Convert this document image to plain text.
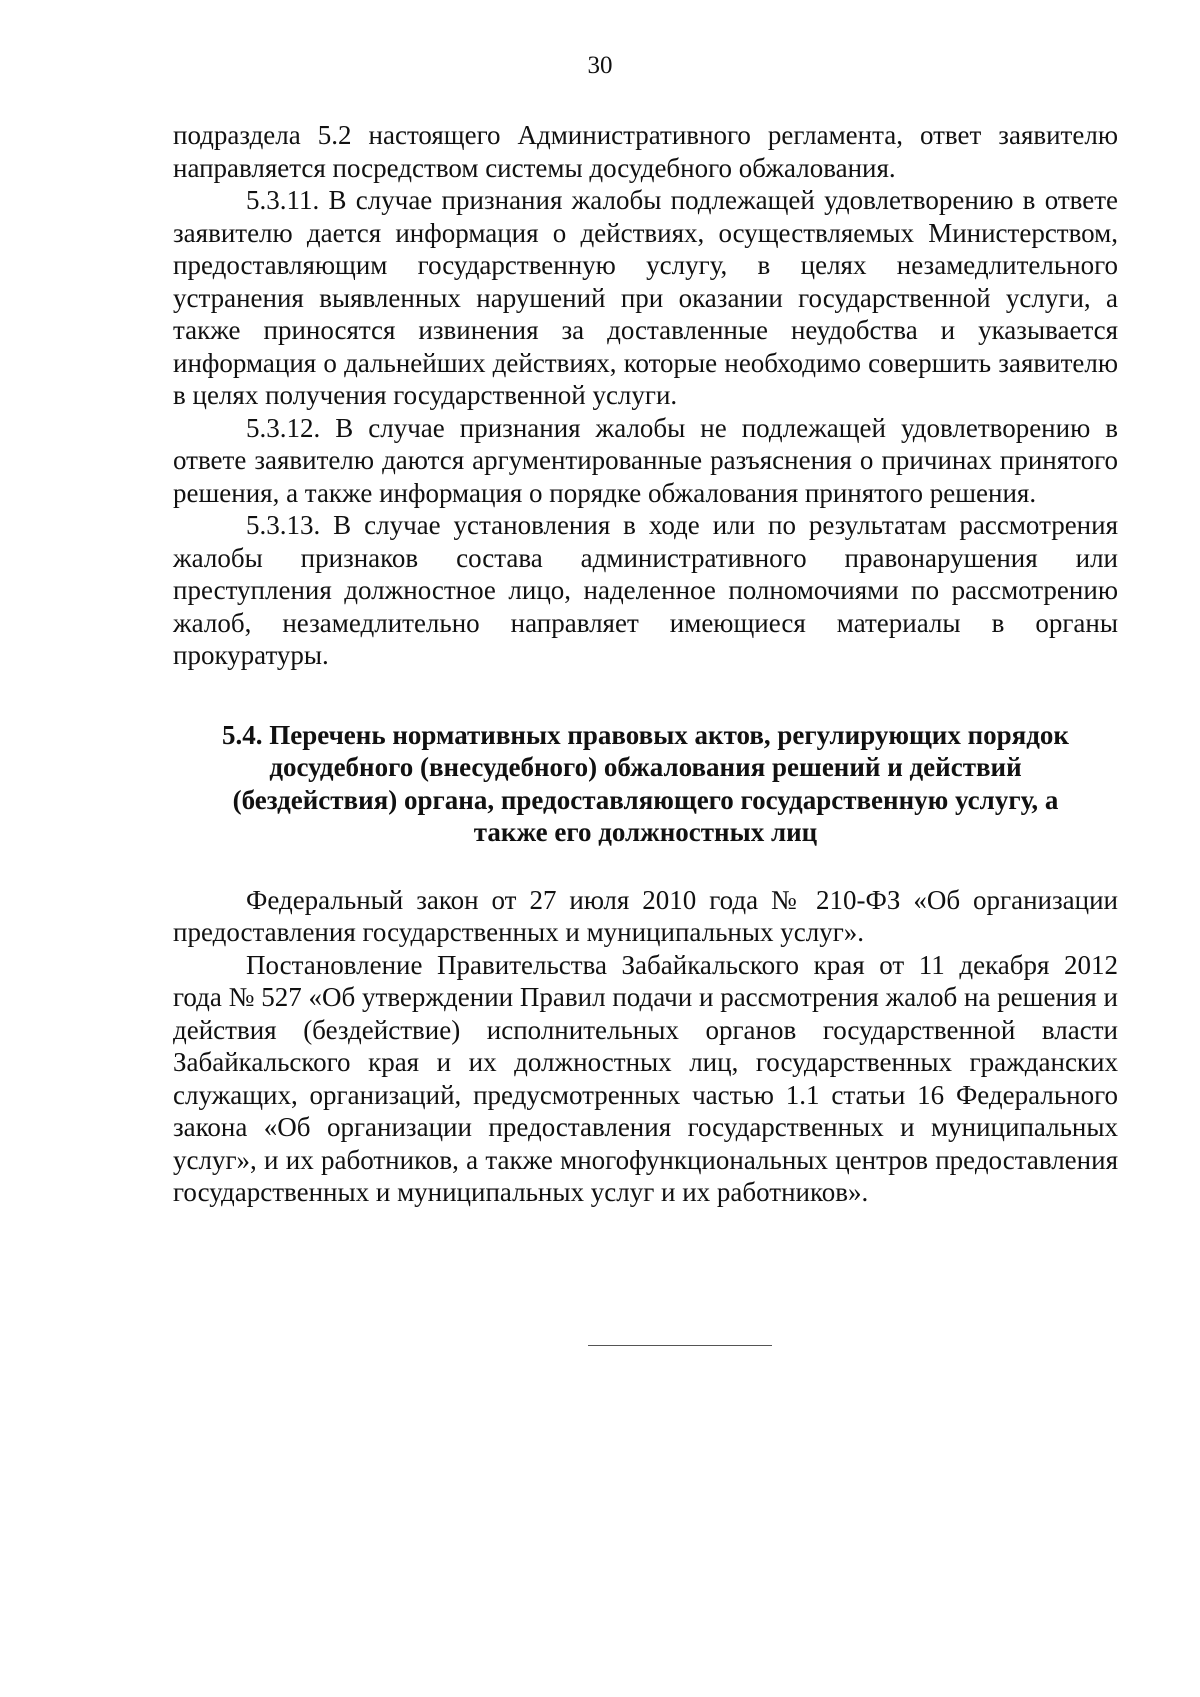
30

подраздела 5.2 настоящего Административного регламента, ответ заявителю направляется посредством системы досудебного обжалования.

5.3.11. В случае признания жалобы подлежащей удовлетворению в ответе заявителю дается информация о действиях, осуществляемых Министерством, предоставляющим государственную услугу, в целях незамедлительного устранения выявленных нарушений при оказании государственной услуги, а также приносятся извинения за доставленные неудобства и указывается информация о дальнейших действиях, которые необходимо совершить заявителю в целях получения государственной услуги.

5.3.12. В случае признания жалобы не подлежащей удовлетворению в ответе заявителю даются аргументированные разъяснения о причинах принятого решения, а также информация о порядке обжалования принятого решения.

5.3.13. В случае установления в ходе или по результатам рассмотрения жалобы признаков состава административного правонарушения или преступления должностное лицо, наделенное полномочиями по рассмотрению жалоб, незамедлительно направляет имеющиеся материалы в органы прокуратуры.

5.4. Перечень нормативных правовых актов, регулирующих порядок досудебного (внесудебного) обжалования решений и действий (бездействия) органа, предоставляющего государственную услугу, а также его должностных лиц

Федеральный закон от 27 июля 2010 года № 210-ФЗ «Об организации предоставления государственных и муниципальных услуг».

Постановление Правительства Забайкальского края от 11 декабря 2012 года № 527 «Об утверждении Правил подачи и рассмотрения жалоб на решения и действия (бездействие) исполнительных органов государственной власти Забайкальского края и их должностных лиц, государственных гражданских служащих, организаций, предусмотренных частью 1.1 статьи 16 Федерального закона «Об организации предоставления государственных и муниципальных услуг», и их работников, а также многофункциональных центров предоставления государственных и муниципальных услуг и их работников».
